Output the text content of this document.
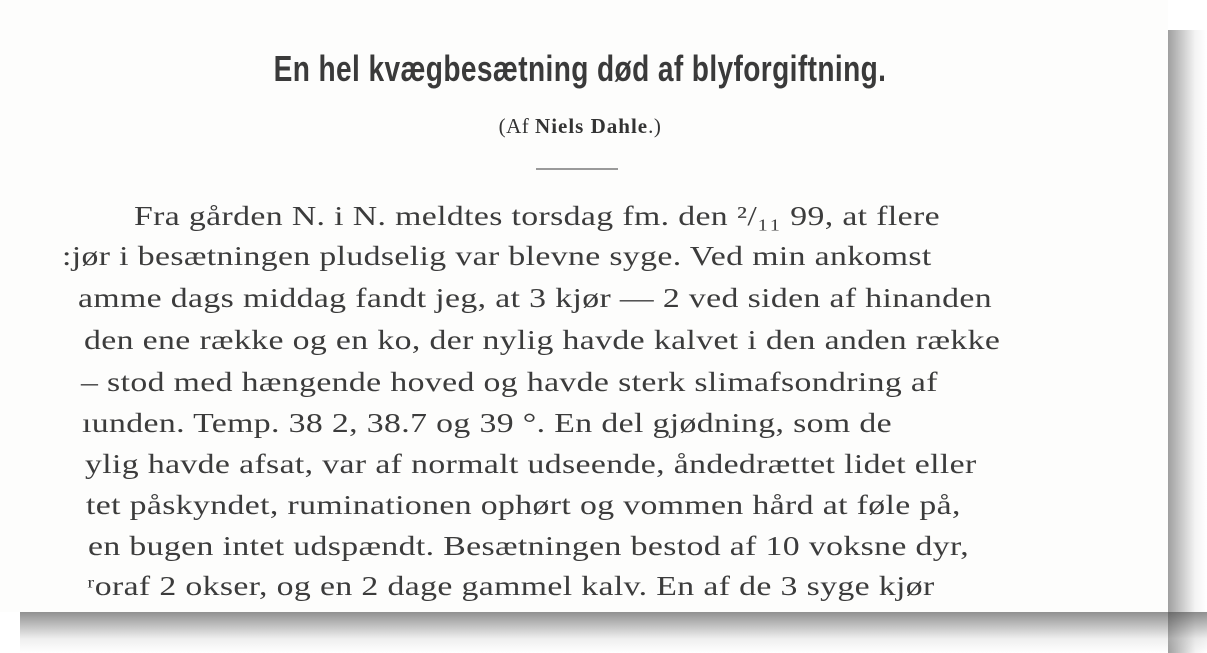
En hel kvægbesætning død af blyforgiftning.
(Af Niels Dahle.)
Fra gården N. i N. meldtes torsdag fm. den ²/₁₁ 99, at flere
:jør i besætningen pludselig var blevne syge. Ved min ankomst
amme dags middag fandt jeg, at 3 kjør — 2 ved siden af hinanden
den ene række og en ko, der nylig havde kalvet i den anden række
– stod med hængende hoved og havde sterk slimafsondring af
ıunden. Temp. 38 2, 38.7 og 39 °. En del gjødning, som de
ylig havde afsat, var af normalt udseende, åndedrættet lidet eller
tet påskyndet, ruminationen ophørt og vommen hård at føle på,
en bugen intet udspændt. Besætningen bestod af 10 voksne dyr,
ʳoraf 2 okser, og en 2 dage gammel kalv. En af de 3 syge kjør
